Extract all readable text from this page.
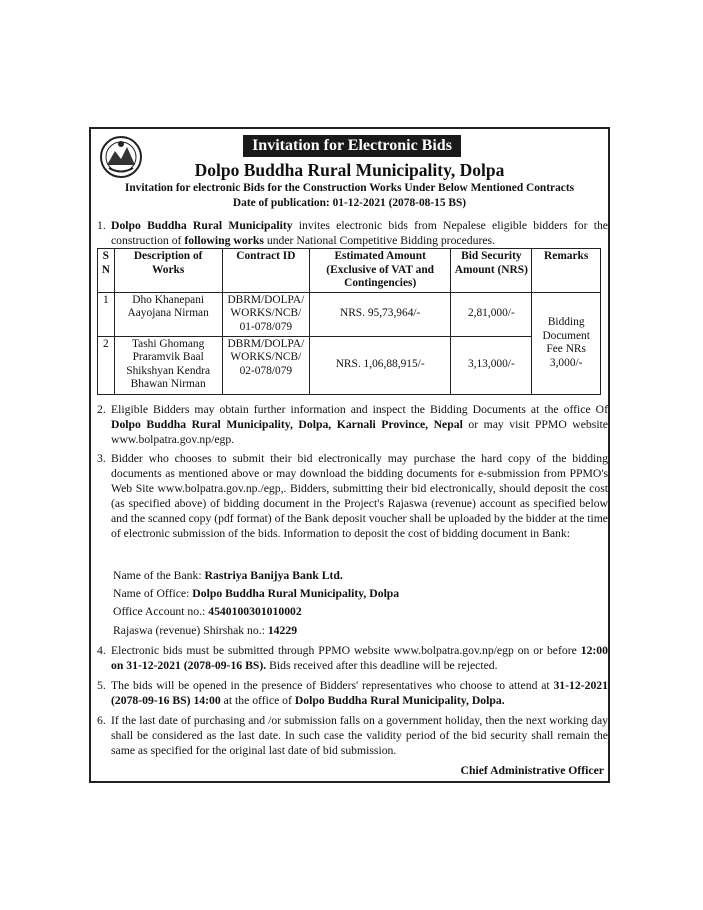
Invitation for Electronic Bids
Dolpo Buddha Rural Municipality, Dolpa
Invitation for electronic Bids for the Construction Works Under Below Mentioned Contracts
Date of publication: 01-12-2021 (2078-08-15 BS)
1. Dolpo Buddha Rural Municipality invites electronic bids from Nepalese eligible bidders for the construction of following works under National Competitive Bidding procedures.
S N	Description of Works	Contract ID	Estimated Amount (Exclusive of VAT and Contingencies)	Bid Security Amount (NRS)	Remarks
1	Dho Khanepani Aayojana Nirman	DBRM/DOLPA/ WORKS/NCB/ 01-078/079	NRS. 95,73,964/-	2,81,000/-	Bidding Document Fee NRs 3,000/-
2	Tashi Ghomang Praramvik Baal Shikshyan Kendra Bhawan Nirman	DBRM/DOLPA/ WORKS/NCB/ 02-078/079	NRS. 1,06,88,915/-	3,13,000/-	
2. Eligible Bidders may obtain further information and inspect the Bidding Documents at the office Of Dolpo Buddha Rural Municipality, Dolpa, Karnali Province, Nepal or may visit PPMO website www.bolpatra.gov.np/egp.
3. Bidder who chooses to submit their bid electronically may purchase the hard copy of the bidding documents as mentioned above or may download the bidding documents for e-submission from PPMO's Web Site www.bolpatra.gov.np./egp,. Bidders, submitting their bid electronically, should deposit the cost (as specified above) of bidding document in the Project's Rajaswa (revenue) account as specified below and the scanned copy (pdf format) of the Bank deposit voucher shall be uploaded by the bidder at the time of electronic submission of the bids. Information to deposit the cost of bidding document in Bank:
Name of the Bank: Rastriya Banijya Bank Ltd.
Name of Office: Dolpo Buddha Rural Municipality, Dolpa
Office Account no.: 4540100301010002
Rajaswa (revenue) Shirshak no.: 14229
4. Electronic bids must be submitted through PPMO website www.bolpatra.gov.np/egp on or before 12:00 on 31-12-2021 (2078-09-16 BS). Bids received after this deadline will be rejected.
5. The bids will be opened in the presence of Bidders' representatives who choose to attend at 31-12-2021 (2078-09-16 BS) 14:00 at the office of Dolpo Buddha Rural Municipality, Dolpa.
6. If the last date of purchasing and /or submission falls on a government holiday, then the next working day shall be considered as the last date. In such case the validity period of the bid security shall remain the same as specified for the original last date of bid submission.
Chief Administrative Officer
